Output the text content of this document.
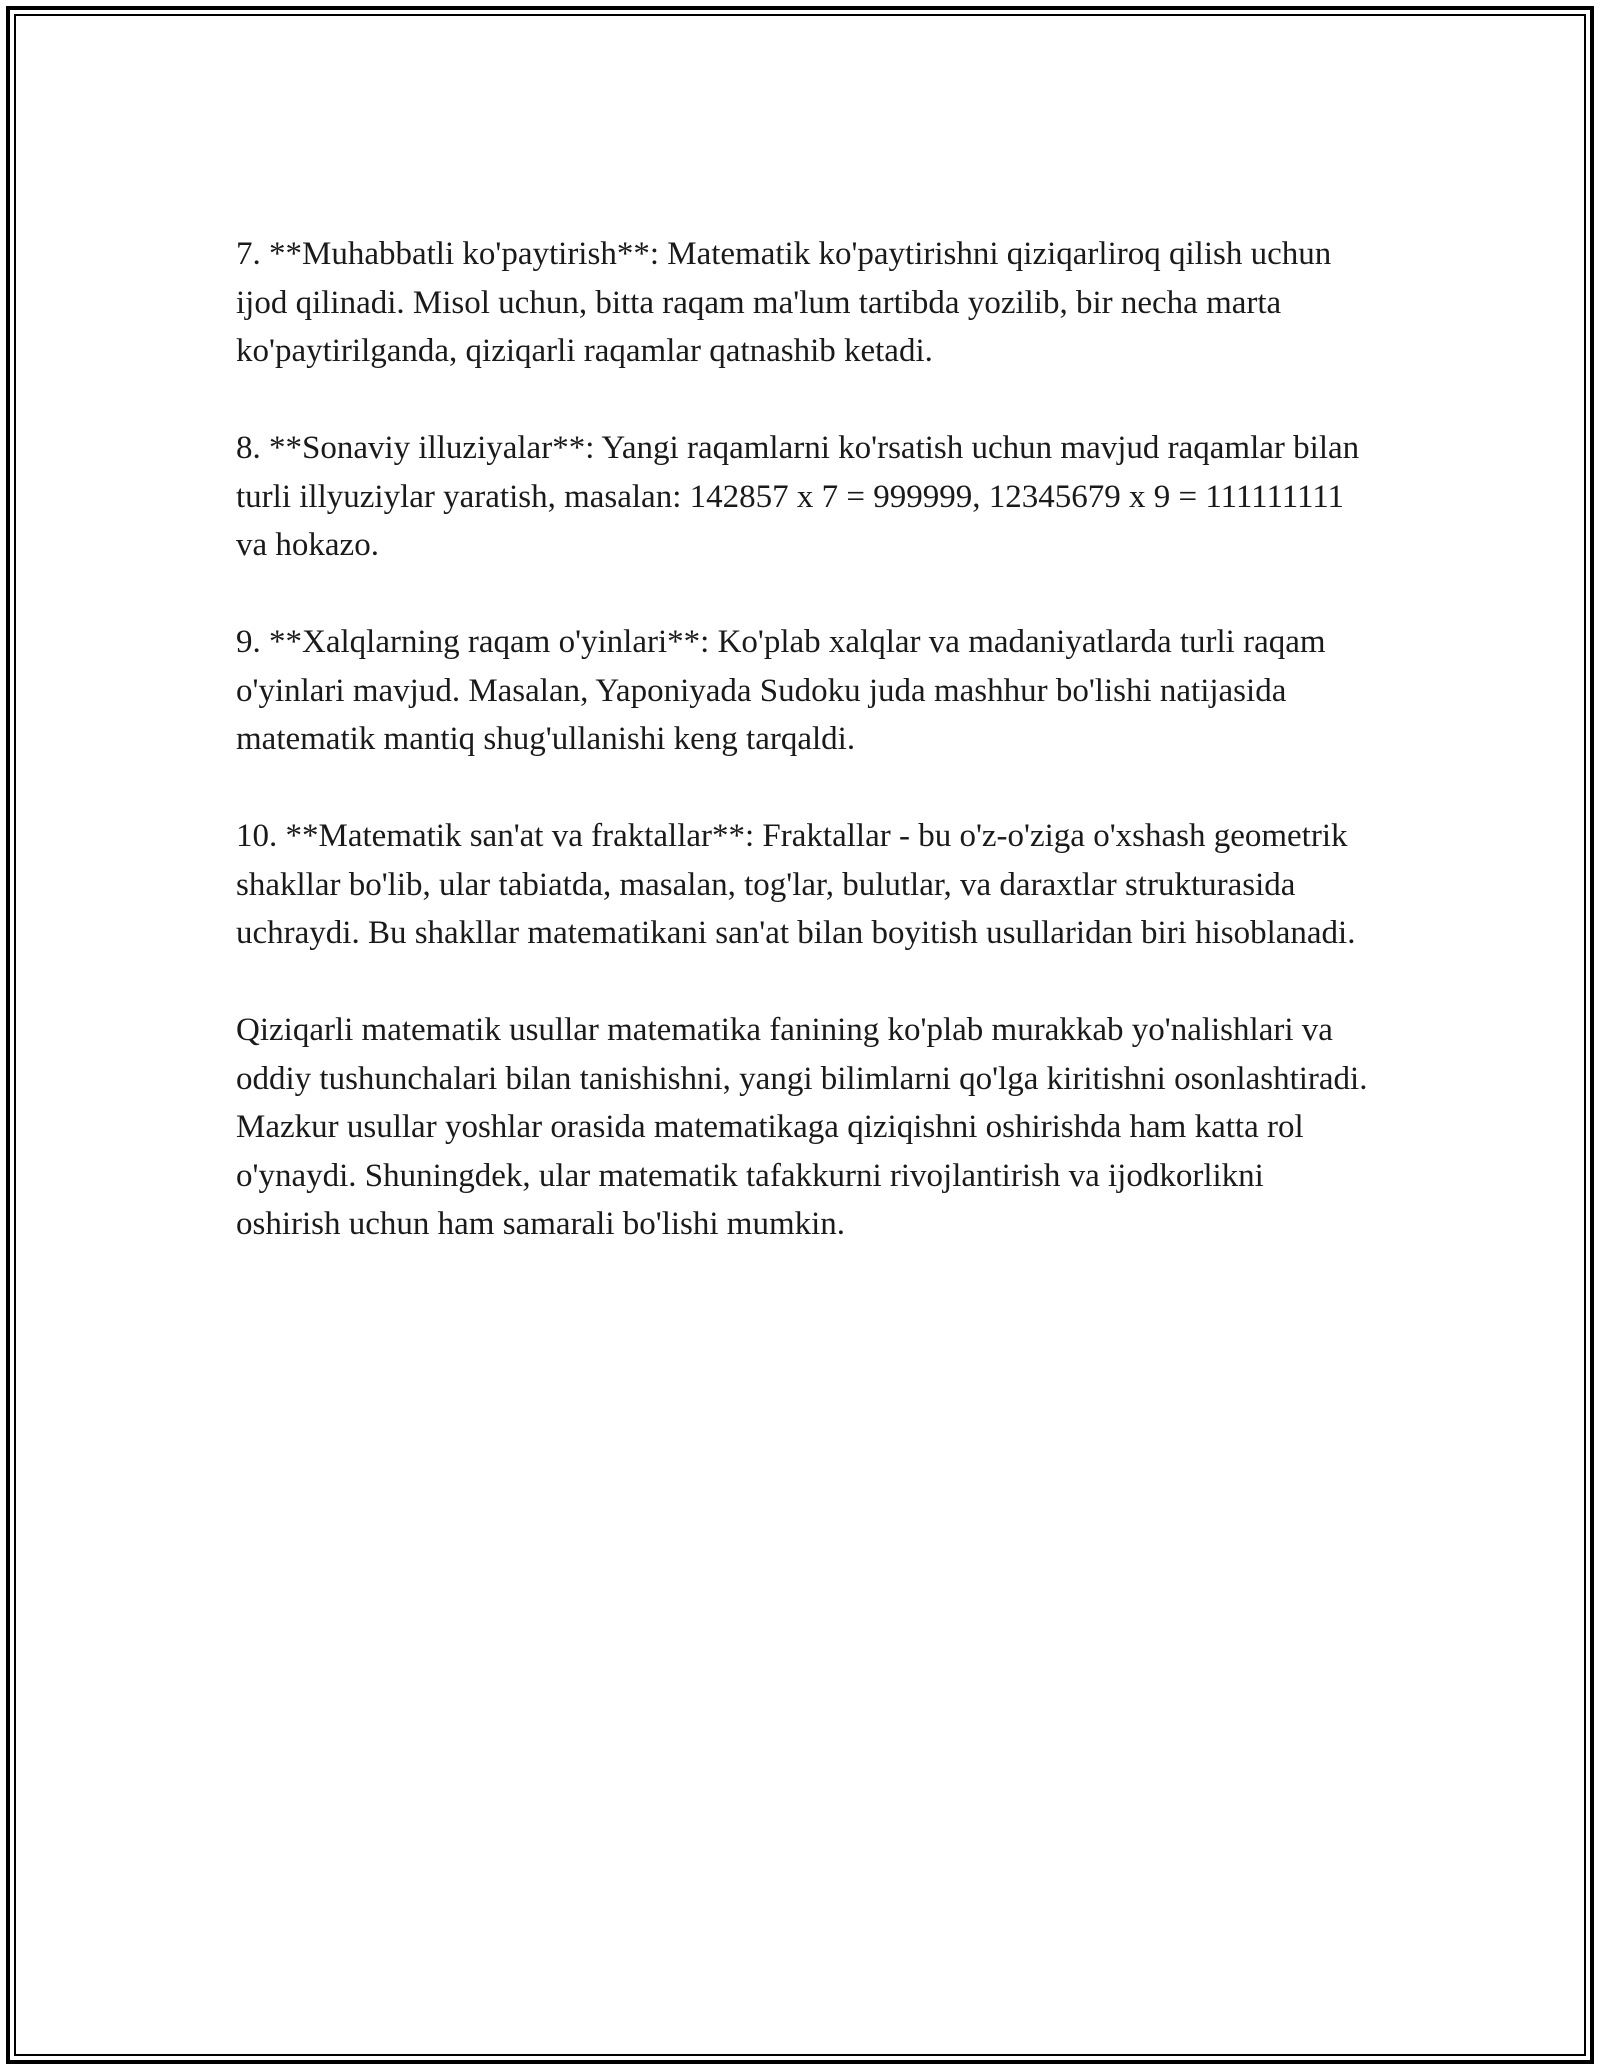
7. **Muhabbatli ko'paytirish**: Matematik ko'paytirishni qiziqarliroq qilish uchun ijod qilinadi. Misol uchun, bitta raqam ma'lum tartibda yozilib, bir necha marta ko'paytirilganda, qiziqarli raqamlar qatnashib ketadi.

8. **Sonaviy illuziyalar**: Yangi raqamlarni ko'rsatish uchun mavjud raqamlar bilan turli illyuziylar yaratish, masalan: 142857 x 7 = 999999, 12345679 x 9 = 111111111 va hokazo.

9. **Xalqlarning raqam o'yinlari**: Ko'plab xalqlar va madaniyatlarda turli raqam o'yinlari mavjud. Masalan, Yaponiyada Sudoku juda mashhur bo'lishi natijasida matematik mantiq shug'ullanishi keng tarqaldi.

10. **Matematik san'at va fraktallar**: Fraktallar - bu o'z-o'ziga o'xshash geometrik shakllar bo'lib, ular tabiatda, masalan, tog'lar, bulutlar, va daraxtlar strukturasida uchraydi. Bu shakllar matematikani san'at bilan boyitish usullaridan biri hisoblanadi.

Qiziqarli matematik usullar matematika fanining ko'plab murakkab yo'nalishlari va oddiy tushunchalari bilan tanishishni, yangi bilimlarni qo'lga kiritishni osonlashtiradi. Mazkur usullar yoshlar orasida matematikaga qiziqishni oshirishda ham katta rol o'ynaydi. Shuningdek, ular matematik tafakkurni rivojlantirish va ijodkorlikni oshirish uchun ham samarali bo'lishi mumkin.
